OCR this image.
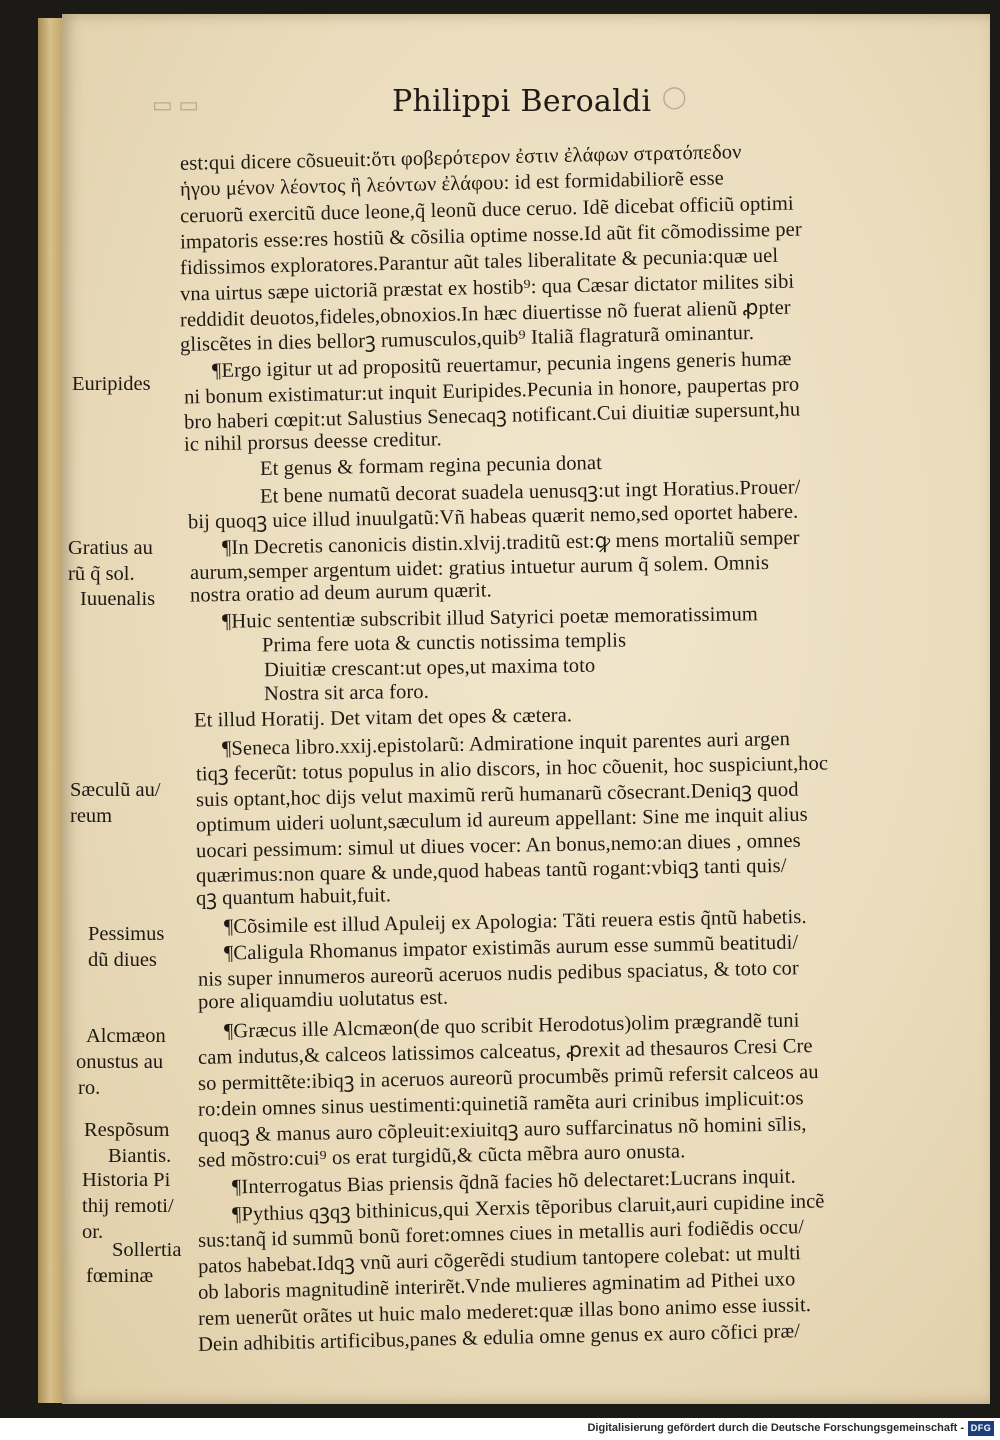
▭ ▭	◯
Philippi Beroaldi
est:qui dicere cõsueuit:ὅτι φοβερότερον ἐστιν ἐλάφων στρατόπεδον
ἡγου μένον λέοντος ἢ λεόντων ἐλάφου: id est formidabiliorẽ esse
ceruorũ exercitũ duce leone,q̃ leonũ duce ceruo. Idẽ dicebat officiũ optimi
impatoris esse:res hostiũ & cõsilia optime nosse.Id aũt fit cõmodissime per
fidissimos exploratores.Parantur aũt tales liberalitate & pecunia:quæ uel
vna uirtus sæpe uictoriã præstat ex hostib⁹: qua Cæsar dictator milites sibi
reddidit deuotos,fideles,obnoxios.In hæc diuertisse nõ fuerat alienũ ꝓpter
gliscẽtes in dies bellorꝫ rumusculos,quib⁹ Italiã flagraturã ominantur.
¶Ergo igitur ut ad propositũ reuertamur, pecunia ingens generis humæ
ni bonum existimatur:ut inquit Euripides.Pecunia in honore, paupertas pro
bro haberi cœpit:ut Salustius Senecaqꝫ notificant.Cui diuitiæ supersunt,hu
ic nihil prorsus deesse creditur.
Et genus & formam regina pecunia donat
Et bene numatũ decorat suadela uenusqꝫ:ut ingt Horatius.Prouer/
bij quoqꝫ uice illud inuulgatũ:Vñ habeas quærit nemo,sed oportet habere.
¶In Decretis canonicis distin.xlvij.traditũ est:ꝙ mens mortaliũ semper
aurum,semper argentum uidet: gratius intuetur aurum q̃ solem. Omnis
nostra oratio ad deum aurum quærit.
¶Huic sententiæ subscribit illud Satyrici poetæ memoratissimum
Prima fere uota & cunctis notissima templis
Diuitiæ crescant:ut opes,ut maxima toto
Nostra sit arca foro.
Et illud Horatij. Det vitam det opes & cætera.
¶Seneca libro.xxij.epistolarũ: Admiratione inquit parentes auri argen
tiqꝫ fecerũt: totus populus in alio discors, in hoc cõuenit, hoc suspiciunt,hoc
suis optant,hoc dijs velut maximũ rerũ humanarũ cõsecrant.Deniqꝫ quod
optimum uideri uolunt,sæculum id aureum appellant: Sine me inquit alius
uocari pessimum: simul ut diues vocer: An bonus,nemo:an diues , omnes
quærimus:non quare & unde,quod habeas tantũ rogant:vbiqꝫ tanti quis/
qꝫ quantum habuit,fuit.
¶Cõsimile est illud Apuleij ex Apologia: Tãti reuera estis q̃ntũ habetis.
¶Caligula Rhomanus impator existimãs aurum esse summũ beatitudi/
nis super innumeros aureorũ aceruos nudis pedibus spaciatus, & toto cor
pore aliquamdiu uolutatus est.
¶Græcus ille Alcmæon(de quo scribit Herodotus)olim prægrandẽ tuni
cam indutus,& calceos latissimos calceatus, ꝓrexit ad thesauros Cresi Cre
so permittẽte:ibiqꝫ in aceruos aureorũ procumbẽs primũ refersit calceos au
ro:dein omnes sinus uestimenti:quinetiã ramẽta auri crinibus implicuit:os
quoqꝫ & manus auro cõpleuit:exiuitqꝫ auro suffarcinatus nõ homini sīlis,
sed mõstro:cui⁹ os erat turgidũ,& cũcta mẽbra auro onusta.
¶Interrogatus Bias priensis q̃dnã facies hõ delectaret:Lucrans inquit.
¶Pythius qꝫqꝫ bithinicus,qui Xerxis tẽporibus claruit,auri cupidine incẽ
sus:tanq̃ id summũ bonũ foret:omnes ciues in metallis auri fodiẽdis occu/
patos habebat.Idqꝫ vnũ auri cõgerẽdi studium tantopere colebat: ut multi
ob laboris magnitudinẽ interirẽt.Vnde mulieres agminatim ad Pithei uxo
rem uenerũt orãtes ut huic malo mederet:quæ illas bono animo esse iussit.
Dein adhibitis artificibus,panes & edulia omne genus ex auro cõfici præ/
Euripides
Gratius au
rũ q̃ sol.
Iuuenalis
Sæculũ au/
reum
Pessimus
dũ diues
Alcmæon
onustus au
ro.
Respõsum
Biantis.
Historia Pi
thij remoti/
or.
Sollertia
fœminæ
Digitalisierung gefördert durch die Deutsche Forschungsgemeinschaft - DFG
